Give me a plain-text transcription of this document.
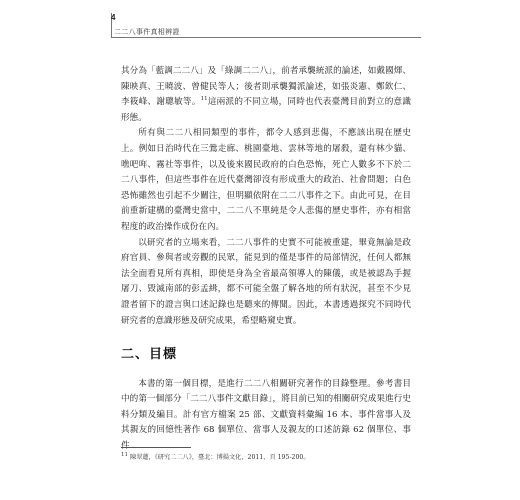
4
二二八事件真相辨證

其分為「藍調二二八」及「綠調二二八」，前者承襲統派的論述，如戴國煇、陳映真、王曉波、曾健民等人；後者則承襲獨派論述，如張炎憲、鄭欽仁、李筱峰、謝聰敏等。$^{11}$這兩派的不同立場，同時也代表臺灣目前對立的意識形態。

所有與二二八相同類型的事件，都令人感到悲傷，不應該出現在歷史上。例如日治時代在三鶯走廊、桃園臺地、雲林等地的屠殺，還有林少貓、噍吧哖、霧社等事件，以及後來國民政府的白色恐怖，死亡人數多不下於二二八事件，但這些事件在近代臺灣卻沒有形成重大的政治、社會問題；白色恐怖雖然也引起不少關注，但明顯依附在二二八事件之下。由此可見，在目前重新建構的臺灣史當中，二二八不單純是令人悲傷的歷史事件，亦有相當程度的政治操作成份在內。

以研究者的立場來看，二二八事件的史實不可能被重建，畢竟無論是政府官員、參與者或旁觀的民眾，能見到的僅是事件的局部情況，任何人都無法全面看見所有真相，即使是身為全省最高領導人的陳儀，或是被認為手握屠刀、毀滅南部的彭孟緝，都不可能全盤了解各地的所有狀況，甚至不少見證者留下的證言與口述記錄也是聽來的傳聞。因此，本書透過探究不同時代研究者的意識形態及研究成果，希望略窺史實。

二、目標

本書的第一個目標，是進行二二八相關研究著作的目錄整理。參考書目中的第一個部分「二二八事件文獻目錄」，將目前已知的相關研究成果進行史料分類及編目。計有官方檔案 25 部、文獻資料彙編 16 本、事件當事人及其親友的回憶性著作 68 個單位、當事人及親友的口述訪錄 62 個單位、事件

11 陳翠蓮，《研究二二八》，臺北：博揚文化，2011，頁 195-200。
